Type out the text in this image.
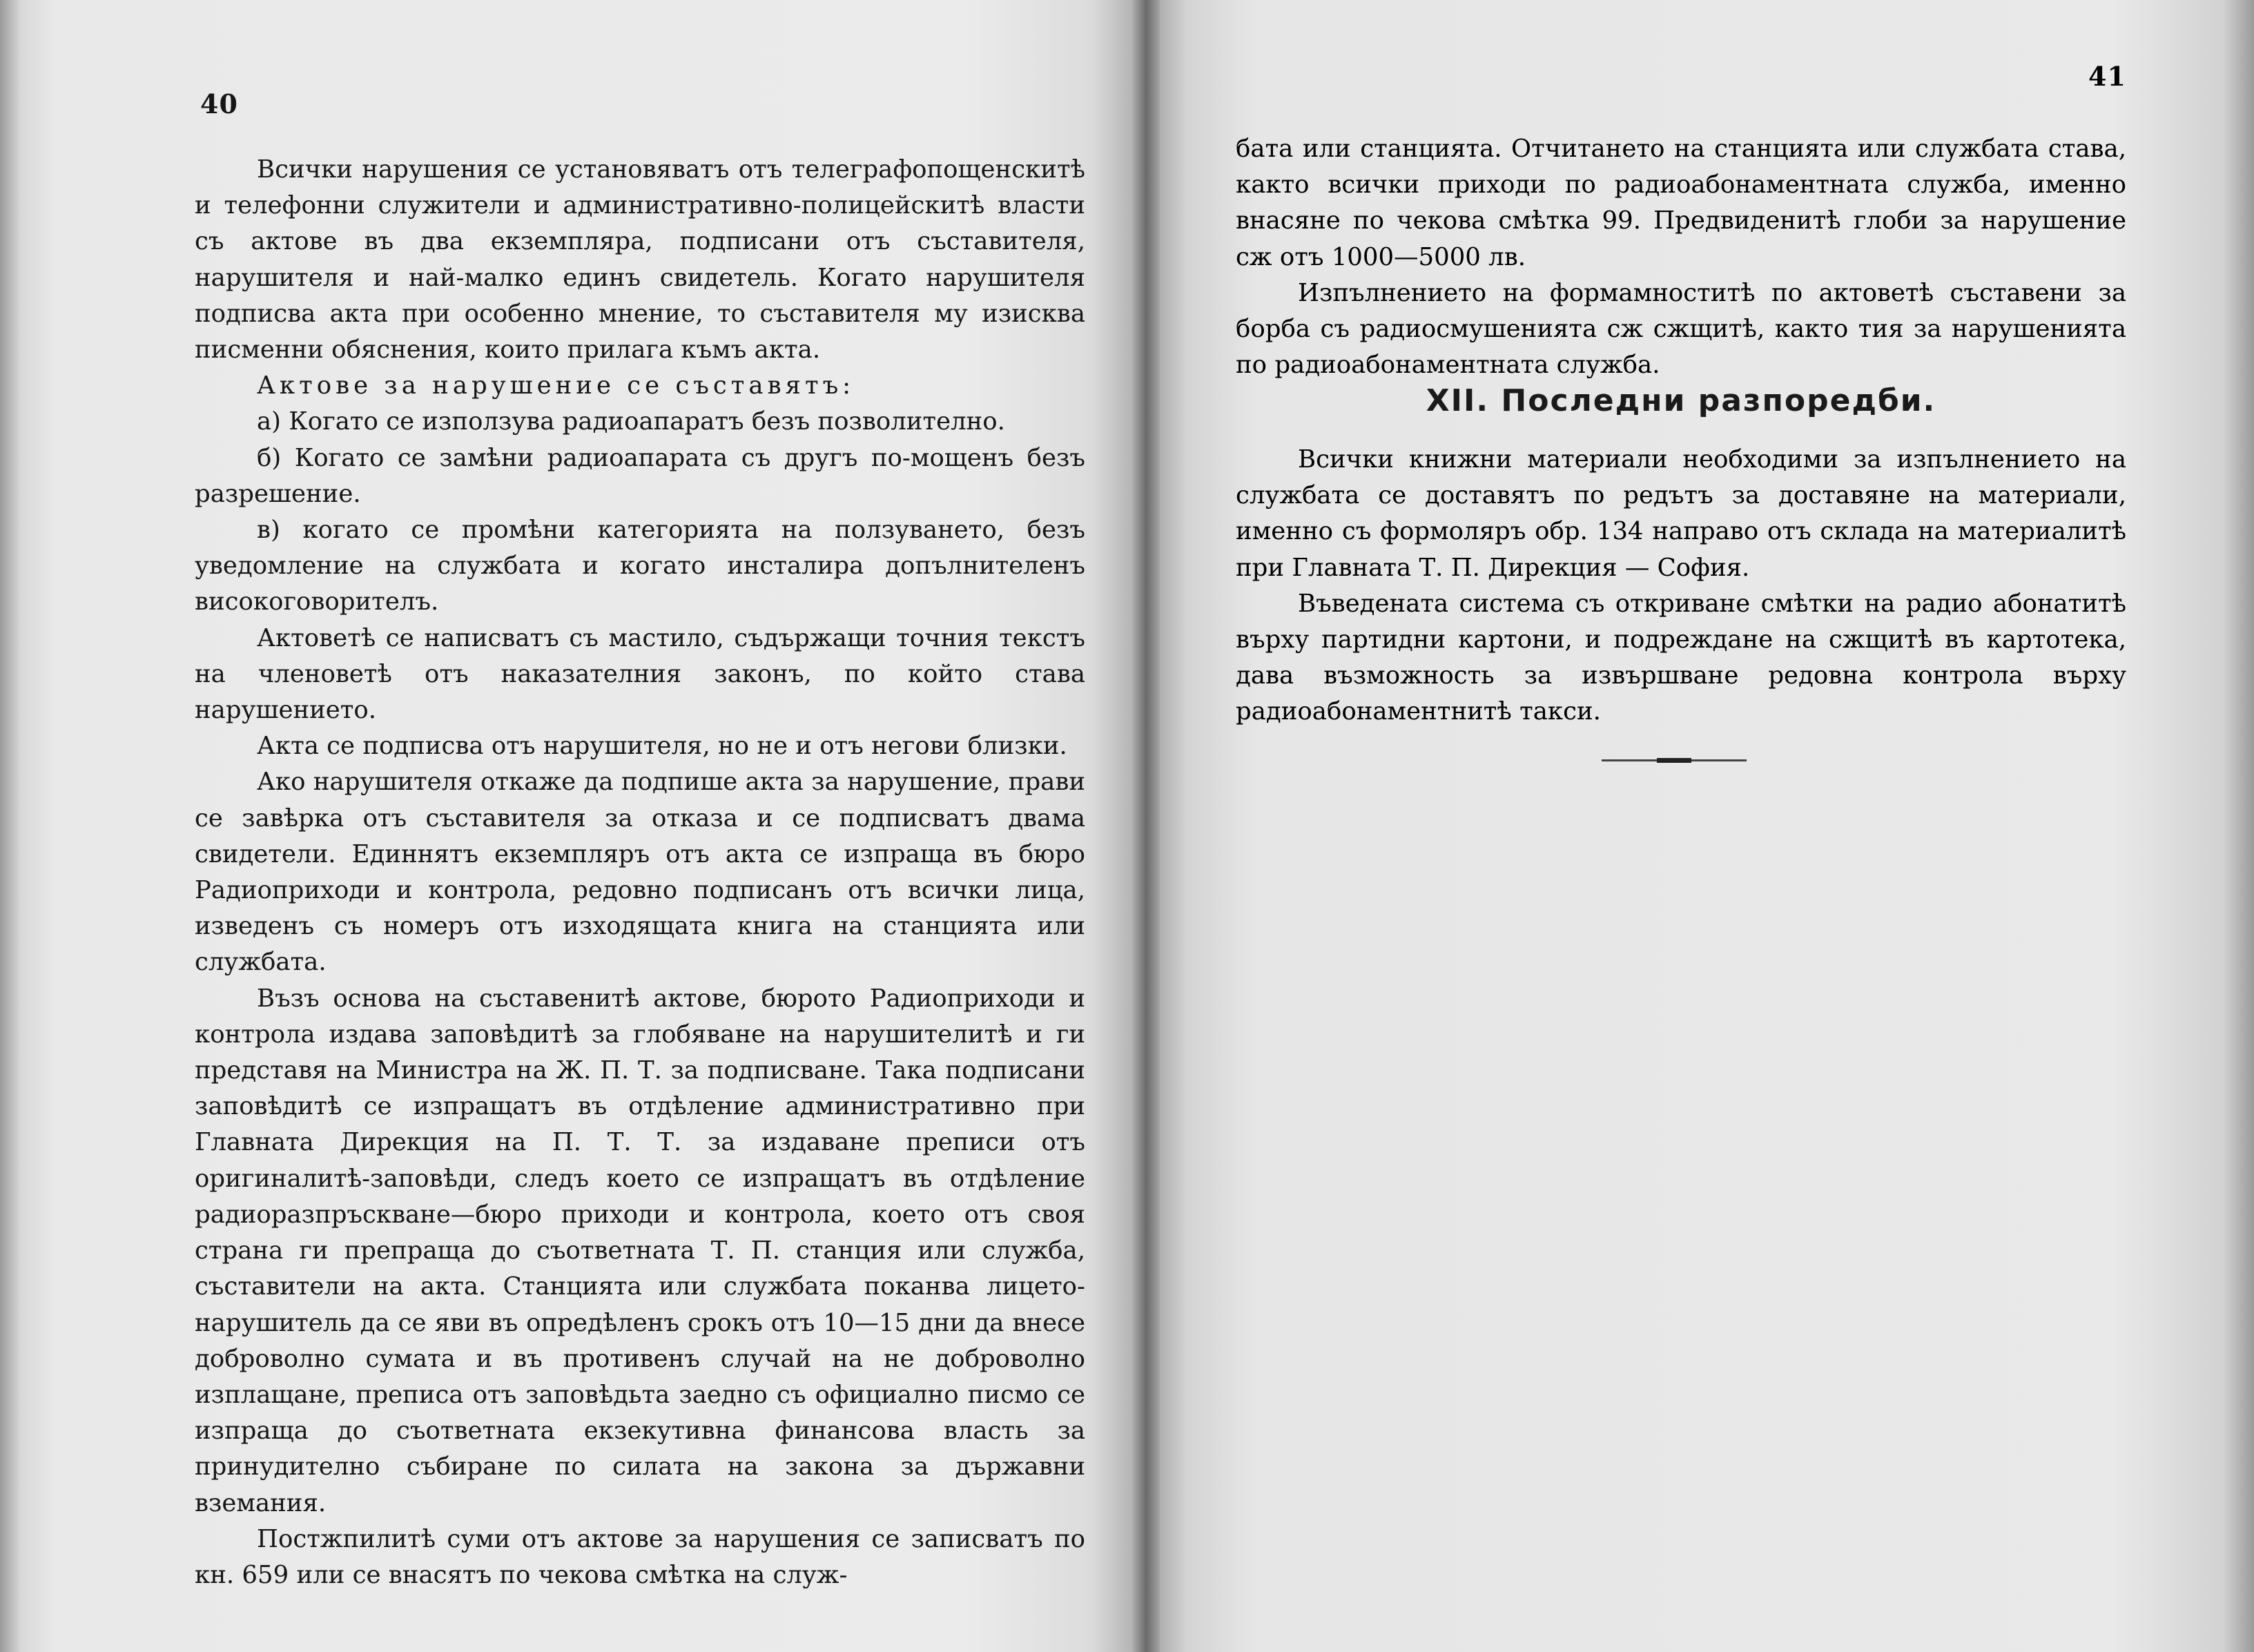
40

Всички нарушения се установяватъ отъ телеграфопощенскитѣ и телефонни служители и административно-полицейскитѣ власти съ актове въ два екземпляра, подписани отъ съставителя, нарушителя и най-малко единъ свидетель. Когато нарушителя подписва акта при особенно мнение, то съставителя му изисква писменни обяснения, които прилага къмъ акта.

Актове за нарушение се съставятъ:

а) Когато се използува радиоапаратъ безъ позволително.

б) Когато се замѣни радиоапарата съ другъ по-мощенъ безъ разрешение.

в) когато се промѣни категорията на ползуването, безъ уведомление на службата и когато инсталира допълнителенъ високоговорителъ.

Актоветѣ се написватъ съ мастило, съдържащи точния текстъ на членоветѣ отъ наказателния законъ, по който става нарушението.

Акта се подписва отъ нарушителя, но не и отъ негови близки.

Ако нарушителя откаже да подпише акта за нарушение, прави се завѣрка отъ съставителя за отказа и се подписватъ двама свидетели. Единнятъ екземпляръ отъ акта се изпраща въ бюро Радиоприходи и контрола, редовно подписанъ отъ всички лица, изведенъ съ номеръ отъ изходящата книга на станцията или службата.

Възъ основа на съставенитѣ актове, бюрото Радиоприходи и контрола издава заповѣдитѣ за глобяване на нарушителитѣ и ги представя на Министра на Ж. П. Т. за подписване. Така подписани заповѣдитѣ се изпращатъ въ отдѣление административно при Главната Дирекция на П. Т. Т. за издаване преписи отъ оригиналитѣ-заповѣди, следъ което се изпращатъ въ отдѣление радиоразпръскване—бюро приходи и контрола, което отъ своя страна ги препраща до съответната Т. П. станция или служба, съставители на акта. Станцията или службата поканва лицето-нарушитель да се яви въ опредѣленъ срокъ отъ 10—15 дни да внесе доброволно сумата и въ противенъ случай на не доброволно изплащане, преписа отъ заповѣдьта заедно съ официално писмо се изпраща до съответната екзекутивна финансова власть за принудително събиране по силата на закона за държавни вземания.

Постжпилитѣ суми отъ актове за нарушения се записватъ по кн. 659 или се внасятъ по чекова смѣтка на служ-

41

бата или станцията. Отчитането на станцията или службата става, както всички приходи по радиоабонаментната служба, именно внасяне по чекова смѣтка 99. Предвиденитѣ глоби за нарушение сж отъ 1000—5000 лв.

Изпълнението на формамноститѣ по актоветѣ съставени за борба съ радиосмушенията сж сжщитѣ, както тия за нарушенията по радиоабонаментната служба.

XII. Последни разпоредби.

Всички книжни материали необходими за изпълнението на службата се доставятъ по редътъ за доставяне на материали, именно съ формоляръ обр. 134 направо отъ склада на материалитѣ при Главната Т. П. Дирекция — София.

Въведената система съ откриване смѣтки на радио абонатитѣ върху партидни картони, и подреждане на сжщитѣ въ картотека, дава възможность за извършване редовна контрола върху радиоабонаментнитѣ такси.
